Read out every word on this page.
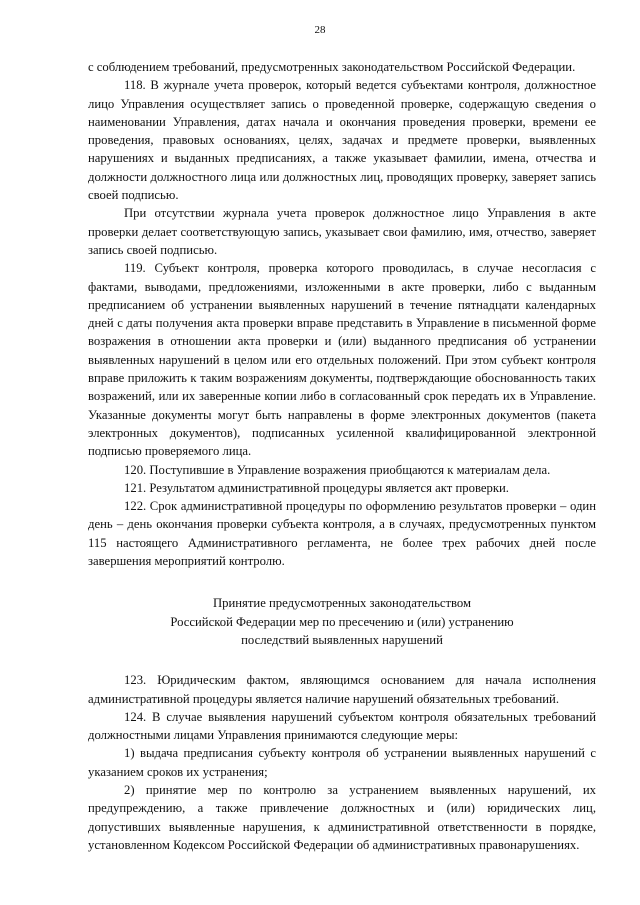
28

с соблюдением требований, предусмотренных законодательством Российской Федерации.

118. В журнале учета проверок, который ведется субъектами контроля, должностное лицо Управления осуществляет запись о проведенной проверке, содержащую сведения о наименовании Управления, датах начала и окончания проведения проверки, времени ее проведения, правовых основаниях, целях, задачах и предмете проверки, выявленных нарушениях и выданных предписаниях, а также указывает фамилии, имена, отчества и должности должностного лица или должностных лиц, проводящих проверку, заверяет запись своей подписью.

При отсутствии журнала учета проверок должностное лицо Управления в акте проверки делает соответствующую запись, указывает свои фамилию, имя, отчество, заверяет запись своей подписью.

119. Субъект контроля, проверка которого проводилась, в случае несогласия с фактами, выводами, предложениями, изложенными в акте проверки, либо с выданным предписанием об устранении выявленных нарушений в течение пятнадцати календарных дней с даты получения акта проверки вправе представить в Управление в письменной форме возражения в отношении акта проверки и (или) выданного предписания об устранении выявленных нарушений в целом или его отдельных положений. При этом субъект контроля вправе приложить к таким возражениям документы, подтверждающие обоснованность таких возражений, или их заверенные копии либо в согласованный срок передать их в Управление. Указанные документы могут быть направлены в форме электронных документов (пакета электронных документов), подписанных усиленной квалифицированной электронной подписью проверяемого лица.

120. Поступившие в Управление возражения приобщаются к материалам дела.

121. Результатом административной процедуры является акт проверки.

122. Срок административной процедуры по оформлению результатов проверки – один день – день окончания проверки субъекта контроля, а в случаях, предусмотренных пунктом 115 настоящего Административного регламента, не более трех рабочих дней после завершения мероприятий контролю.

Принятие предусмотренных законодательством
Российской Федерации мер по пресечению и (или) устранению
последствий выявленных нарушений

123. Юридическим фактом, являющимся основанием для начала исполнения административной процедуры является наличие нарушений обязательных требований.

124. В случае выявления нарушений субъектом контроля обязательных требований должностными лицами Управления принимаются следующие меры:

1) выдача предписания субъекту контроля об устранении выявленных нарушений с указанием сроков их устранения;

2) принятие мер по контролю за устранением выявленных нарушений, их предупреждению, а также привлечение должностных и (или) юридических лиц, допустивших выявленные нарушения, к административной ответственности в порядке, установленном Кодексом Российской Федерации об административных правонарушениях.
